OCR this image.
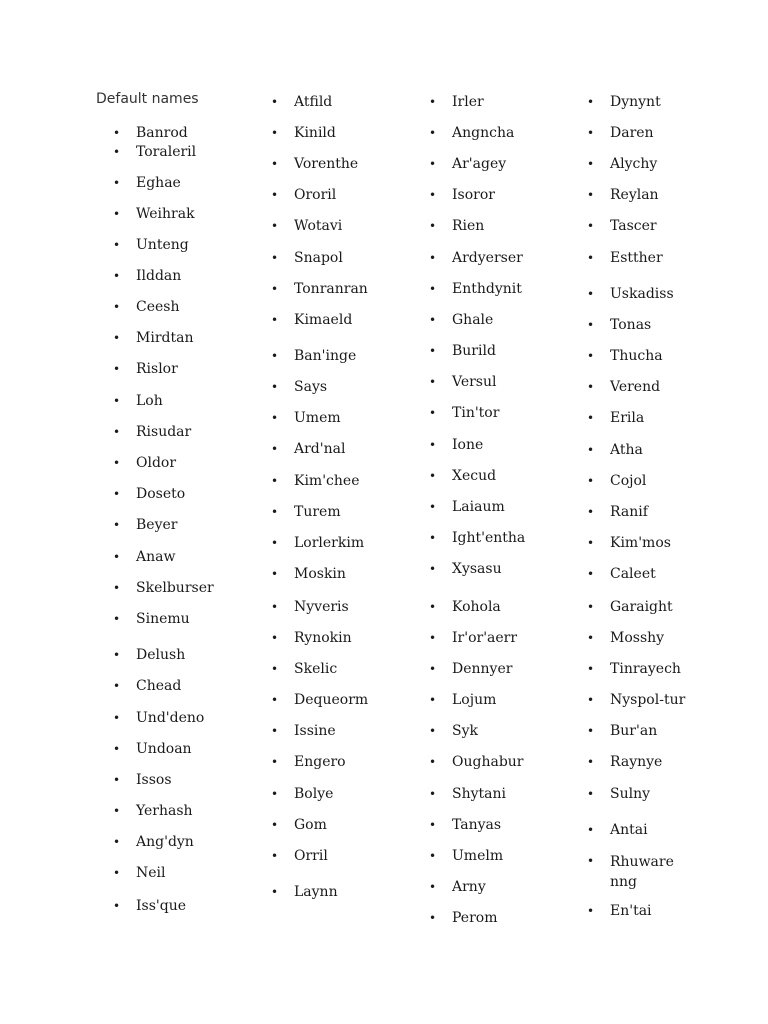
Default names
• Banrod
• Toraleril
• Eghae
• Weihrak
• Unteng
• Ilddan
• Ceesh
• Mirdtan
• Rislor
• Loh
• Risudar
• Oldor
• Doseto
• Beyer
• Anaw
• Skelburser
• Sinemu
• Delush
• Chead
• Und'deno
• Undoan
• Issos
• Yerhash
• Ang'dyn
• Neil
• Iss'que
• Atfild
• Kinild
• Vorenthe
• Ororil
• Wotavi
• Snapol
• Tonranran
• Kimaeld
• Ban'inge
• Says
• Umem
• Ard'nal
• Kim'chee
• Turem
• Lorlerkim
• Moskin
• Nyveris
• Rynokin
• Skelic
• Dequeorm
• Issine
• Engero
• Bolye
• Gom
• Orril
• Laynn
• Irler
• Angncha
• Ar'agey
• Isoror
• Rien
• Ardyerser
• Enthdynit
• Ghale
• Burild
• Versul
• Tin'tor
• Ione
• Xecud
• Laiaum
• Ight'entha
• Xysasu
• Kohola
• Ir'or'aerr
• Dennyer
• Lojum
• Syk
• Oughabur
• Shytani
• Tanyas
• Umelm
• Arny
• Perom
• Dynynt
• Daren
• Alychy
• Reylan
• Tascer
• Estther
• Uskadiss
• Tonas
• Thucha
• Verend
• Erila
• Atha
• Cojol
• Ranif
• Kim'mos
• Caleet
• Garaight
• Mosshy
• Tinrayech
• Nyspol-tur
• Bur'an
• Raynye
• Sulny
• Antai
• Rhuwarenng
• En'tai
